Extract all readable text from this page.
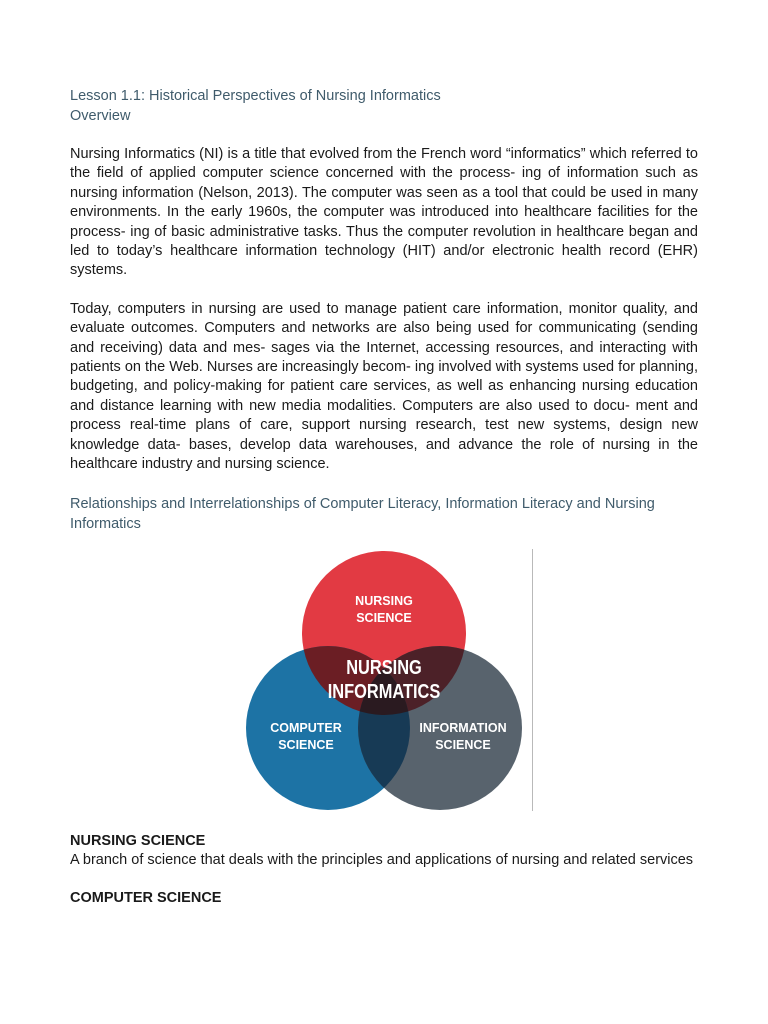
Lesson 1.1: Historical Perspectives of Nursing Informatics

Overview

Nursing Informatics (NI) is a title that evolved from the French word “informatics” which referred to the field of applied computer science concerned with the process- ing of information such as nursing information (Nelson, 2013). The computer was seen as a tool that could be used in many environments. In the early 1960s, the computer was introduced into healthcare facilities for the process- ing of basic administrative tasks. Thus the computer revolution in healthcare began and led to today’s healthcare information technology (HIT) and/or electronic health record (EHR) systems.

Today, computers in nursing are used to manage patient care information, monitor quality, and evaluate outcomes. Computers and networks are also being used for communicating (sending and receiving) data and mes- sages via the Internet, accessing resources, and interacting with patients on the Web. Nurses are increasingly becom- ing involved with systems used for planning, budgeting, and policy-making for patient care services, as well as enhancing nursing education and distance learning with new media modalities. Computers are also used to docu- ment and process real-time plans of care, support nursing research, test new systems, design new knowledge data- bases, develop data warehouses, and advance the role of nursing in the healthcare industry and nursing science.

Relationships and Interrelationships of Computer Literacy, Information Literacy and Nursing Informatics

NURSING
SCIENCE
NURSING
INFORMATICS
COMPUTER
SCIENCE
INFORMATION
SCIENCE

NURSING SCIENCE

A branch of science that deals with the principles and applications of nursing and related services

COMPUTER SCIENCE
